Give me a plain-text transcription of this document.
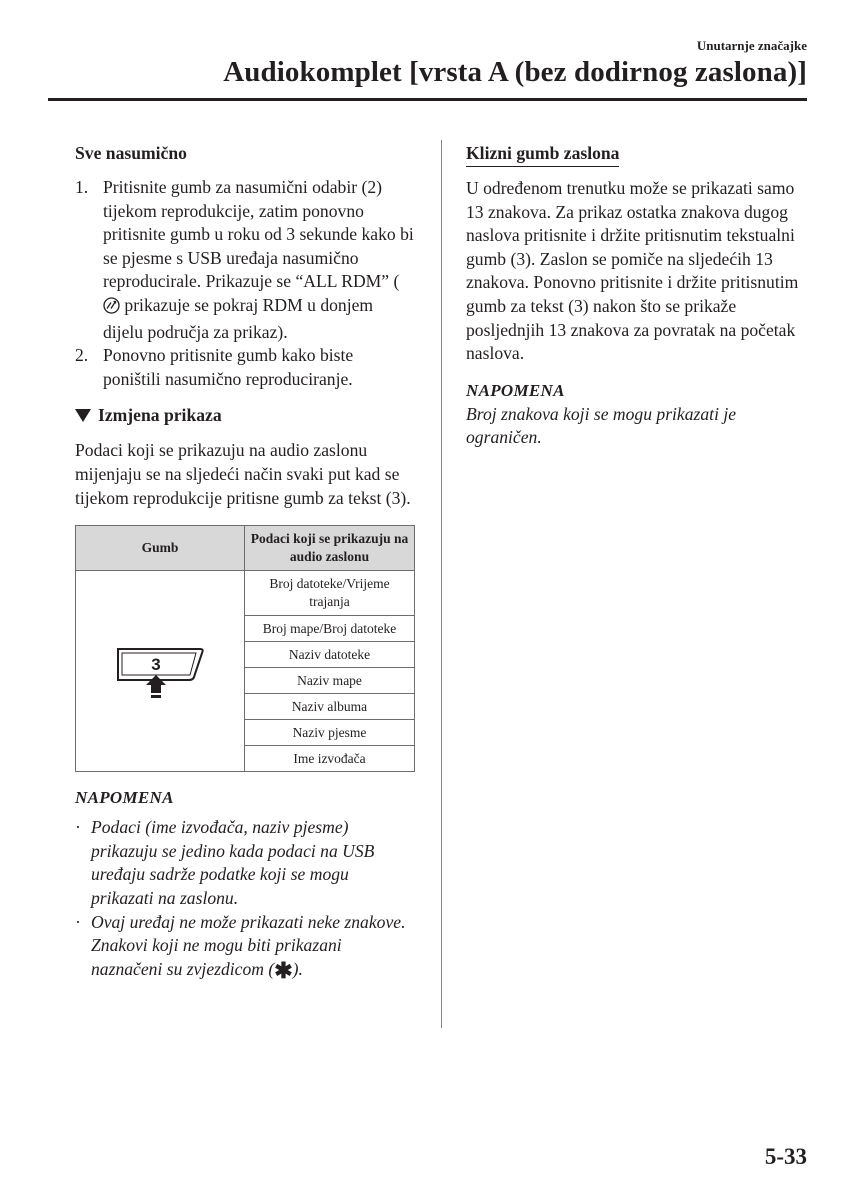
Unutarnje značajke
Audiokomplet [vrsta A (bez dodirnog zaslona)]
Sve nasumično
1. Pritisnite gumb za nasumični odabir (2) tijekom reprodukcije, zatim ponovno pritisnite gumb u roku od 3 sekunde kako bi se pjesme s USB uređaja nasumično reproducirale. Prikazuje se “ALL RDM” ( prikazuje se pokraj RDM u donjem dijelu područja za prikaz).
2. Ponovno pritisnite gumb kako biste poništili nasumično reproduciranje.
Izmjena prikaza

Podaci koji se prikazuju na audio zaslonu mijenjaju se na sljedeći način svaki put kad se tijekom reprodukcije pritisne gumb za tekst (3).

Gumb	Podaci koji se prikazuju na audio zaslonu

3	Broj datoteke/Vrijeme trajanja
	Broj mape/Broj datoteke
	Naziv datoteke
	Naziv mape
	Naziv albuma
	Naziv pjesme
	Ime izvođača
NAPOMENA
· Podaci (ime izvođača, naziv pjesme) prikazuju se jedino kada podaci na USB uređaju sadrže podatke koji se mogu prikazati na zaslonu.
· Ovaj uređaj ne može prikazati neke znakove. Znakovi koji ne mogu biti prikazani naznačeni su zvjezdicom (✱).
Klizni gumb zaslona

U određenom trenutku može se prikazati samo 13 znakova. Za prikaz ostatka znakova dugog naslova pritisnite i držite pritisnutim tekstualni gumb (3). Zaslon se pomiče na sljedećih 13 znakova. Ponovno pritisnite i držite pritisnutim gumb za tekst (3) nakon što se prikaže posljednjih 13 znakova za povratak na početak naslova.

NAPOMENA
Broj znakova koji se mogu prikazati je ograničen.
5-33
